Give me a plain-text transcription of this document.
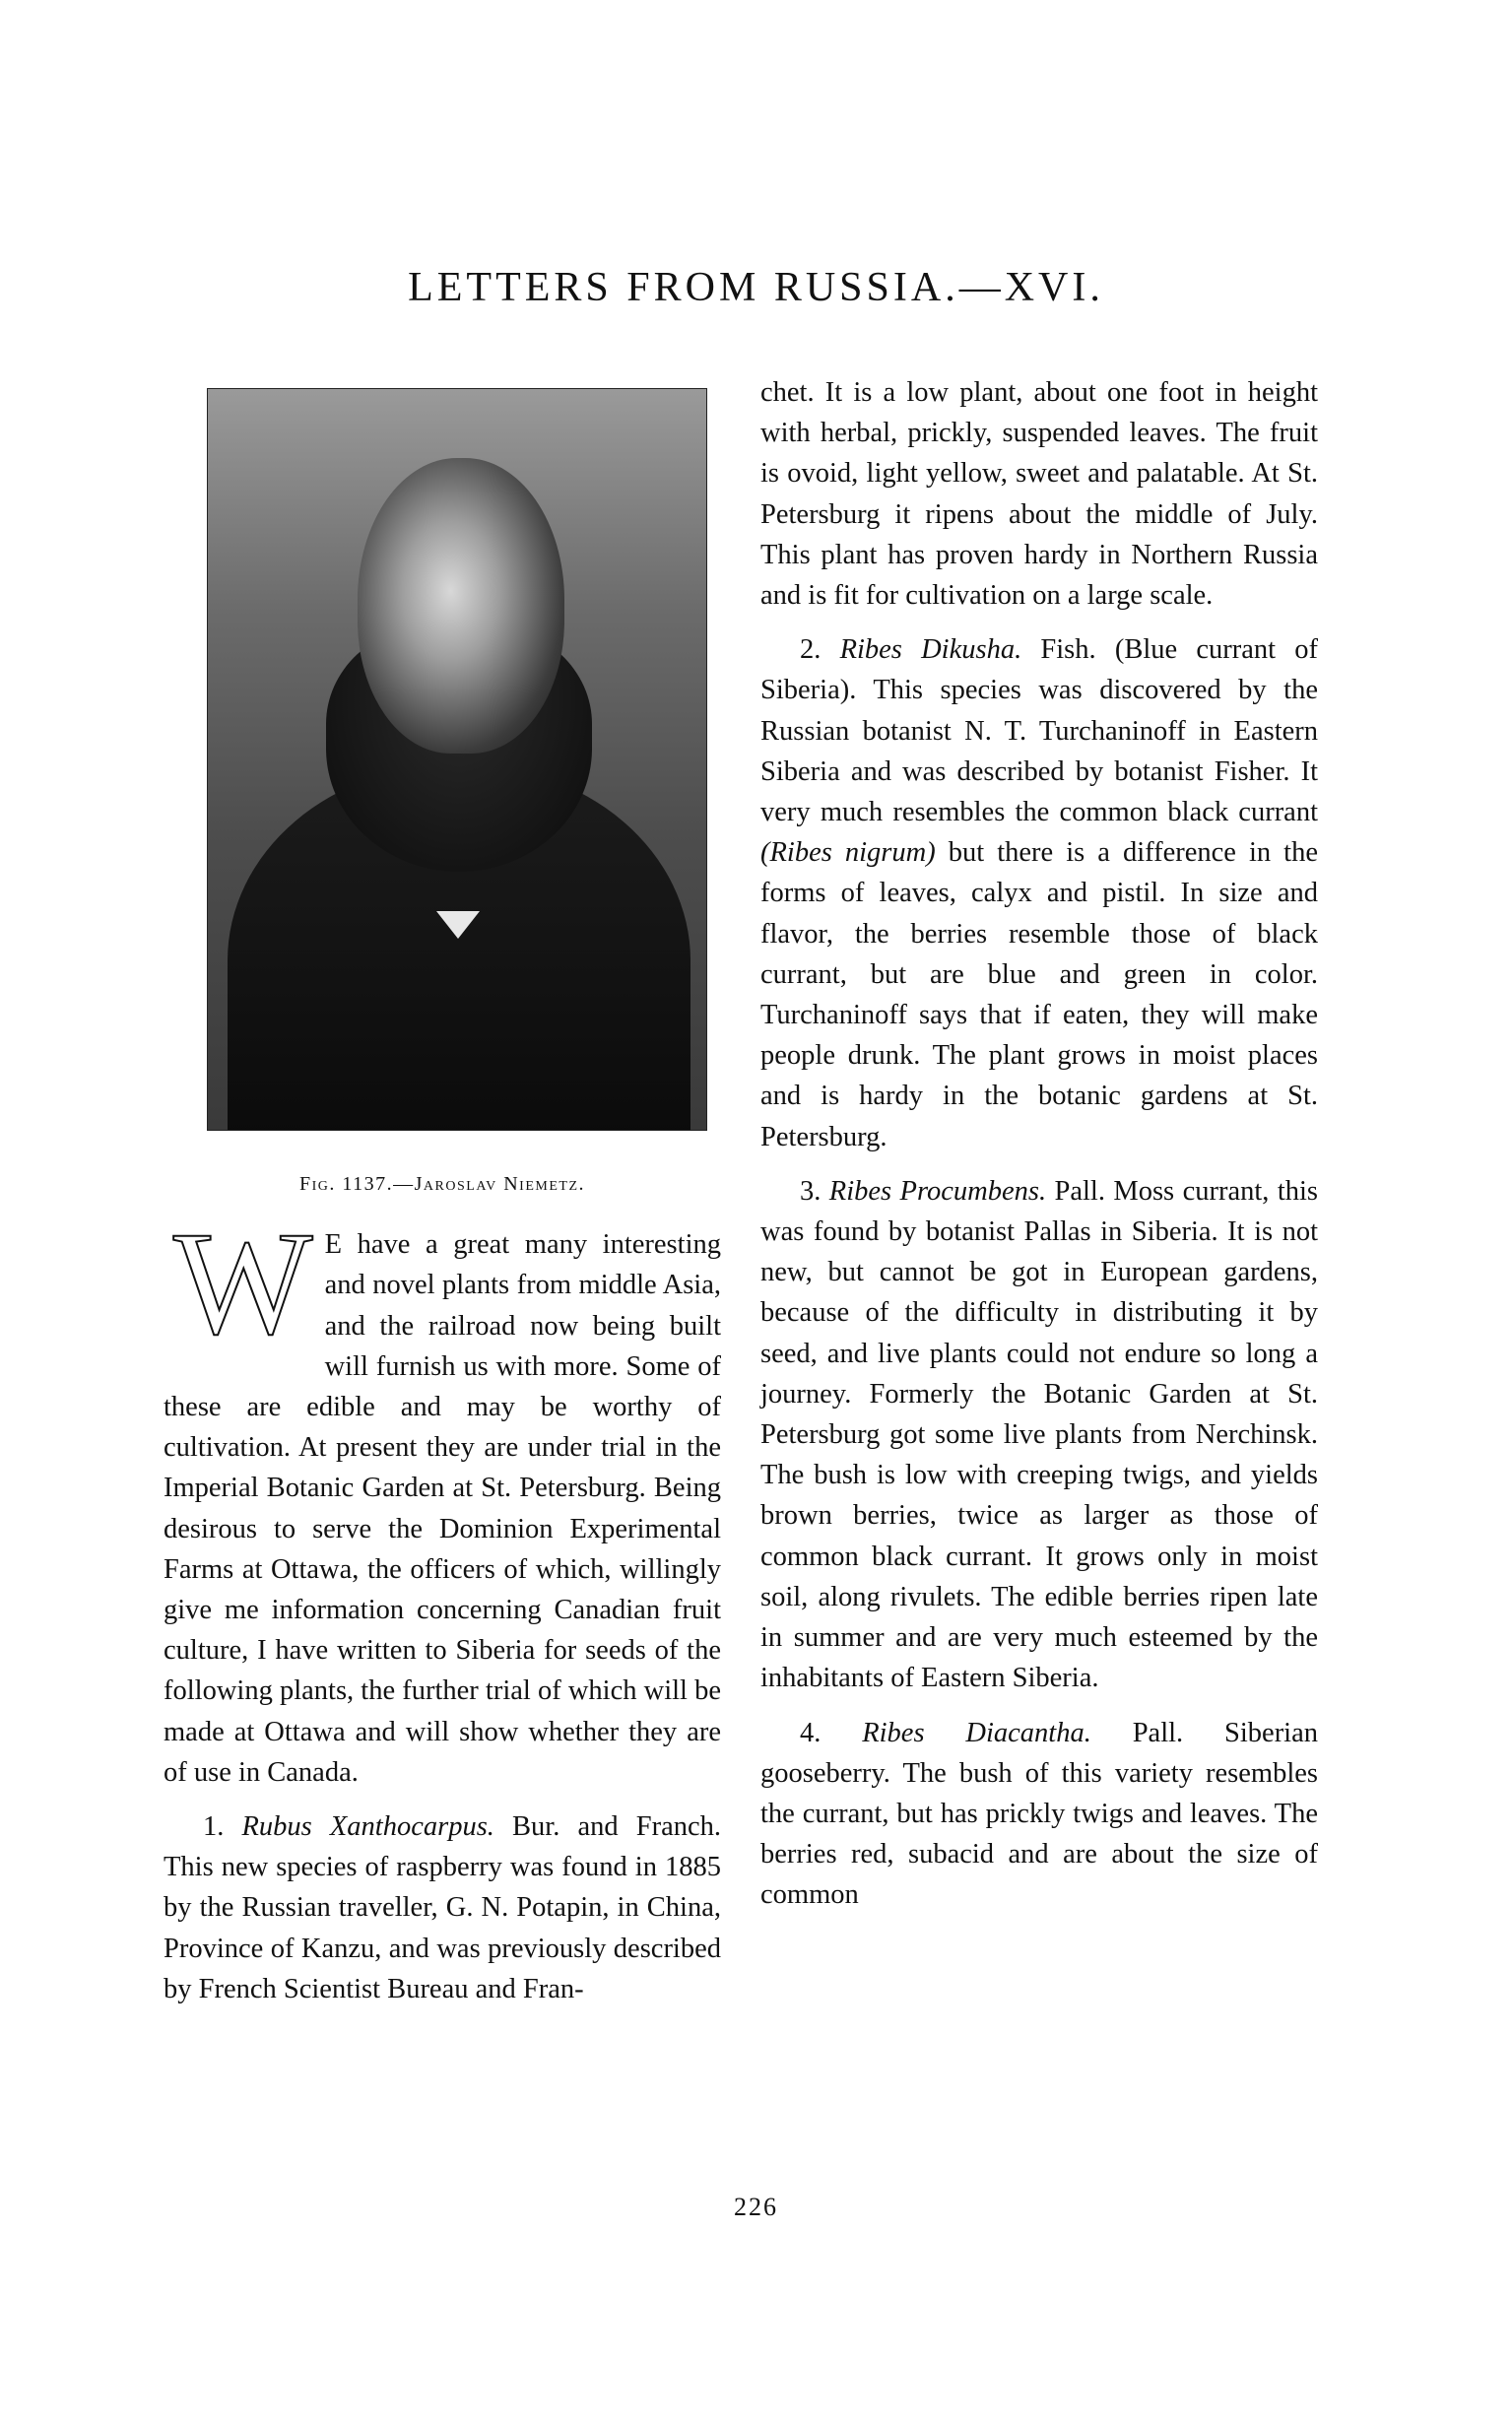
LETTERS FROM RUSSIA.—XVI.
Fig. 1137.—Jaroslav Niemetz.

W E have a great many interesting and novel plants from middle Asia, and the railroad now being built will furnish us with more. Some of these are edible and may be worthy of cultivation. At present they are under trial in the Imperial Botanic Garden at St. Petersburg. Being desirous to serve the Dominion Experimental Farms at Ottawa, the officers of which, willingly give me information concerning Canadian fruit culture, I have written to Siberia for seeds of the following plants, the further trial of which will be made at Ottawa and will show whether they are of use in Canada.

1. Rubus Xanthocarpus. Bur. and Franch. This new species of raspberry was found in 1885 by the Russian traveller, G. N. Potapin, in China, Province of Kanzu, and was previously described by French Scientist Bureau and Fran-

chet. It is a low plant, about one foot in height with herbal, prickly, suspended leaves. The fruit is ovoid, light yellow, sweet and palatable. At St. Petersburg it ripens about the middle of July. This plant has proven hardy in Northern Russia and is fit for cultivation on a large scale.

2. Ribes Dikusha. Fish. (Blue currant of Siberia). This species was discovered by the Russian botanist N. T. Turchaninoff in Eastern Siberia and was described by botanist Fisher. It very much resembles the common black currant (Ribes nigrum) but there is a difference in the forms of leaves, calyx and pistil. In size and flavor, the berries resemble those of black currant, but are blue and green in color. Turchaninoff says that if eaten, they will make people drunk. The plant grows in moist places and is hardy in the botanic gardens at St. Petersburg.

3. Ribes Procumbens. Pall. Moss currant, this was found by botanist Pallas in Siberia. It is not new, but cannot be got in European gardens, because of the difficulty in distributing it by seed, and live plants could not endure so long a journey. Formerly the Botanic Garden at St. Petersburg got some live plants from Nerchinsk. The bush is low with creeping twigs, and yields brown berries, twice as larger as those of common black currant. It grows only in moist soil, along rivulets. The edible berries ripen late in summer and are very much esteemed by the inhabitants of Eastern Siberia.

4. Ribes Diacantha. Pall. Siberian gooseberry. The bush of this variety resembles the currant, but has prickly twigs and leaves. The berries red, subacid and are about the size of common

226
